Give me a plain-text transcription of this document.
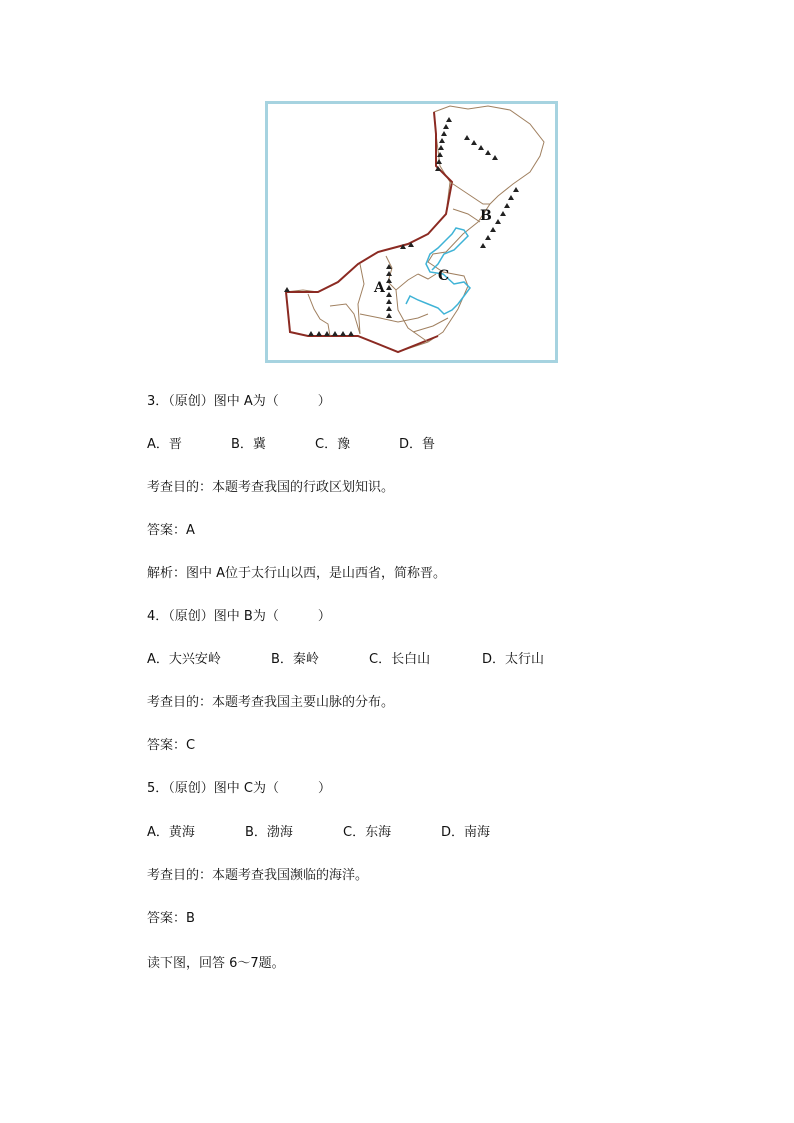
A
B
C
3．（原创）图中 A为（　　　）
A．晋	B．冀	C．豫	D．鲁
考查目的：本题考查我国的行政区划知识。
答案：A
解析：图中 A位于太行山以西，是山西省，简称晋。
4．（原创）图中 B为（　　　）
A．大兴安岭	B．秦岭	C．长白山	D．太行山
考查目的：本题考查我国主要山脉的分布。
答案：C
5．（原创）图中 C为（　　　）
A．黄海	B．渤海	C．东海	D．南海
考查目的：本题考查我国濒临的海洋。
答案：B
读下图，回答 6～7题。
